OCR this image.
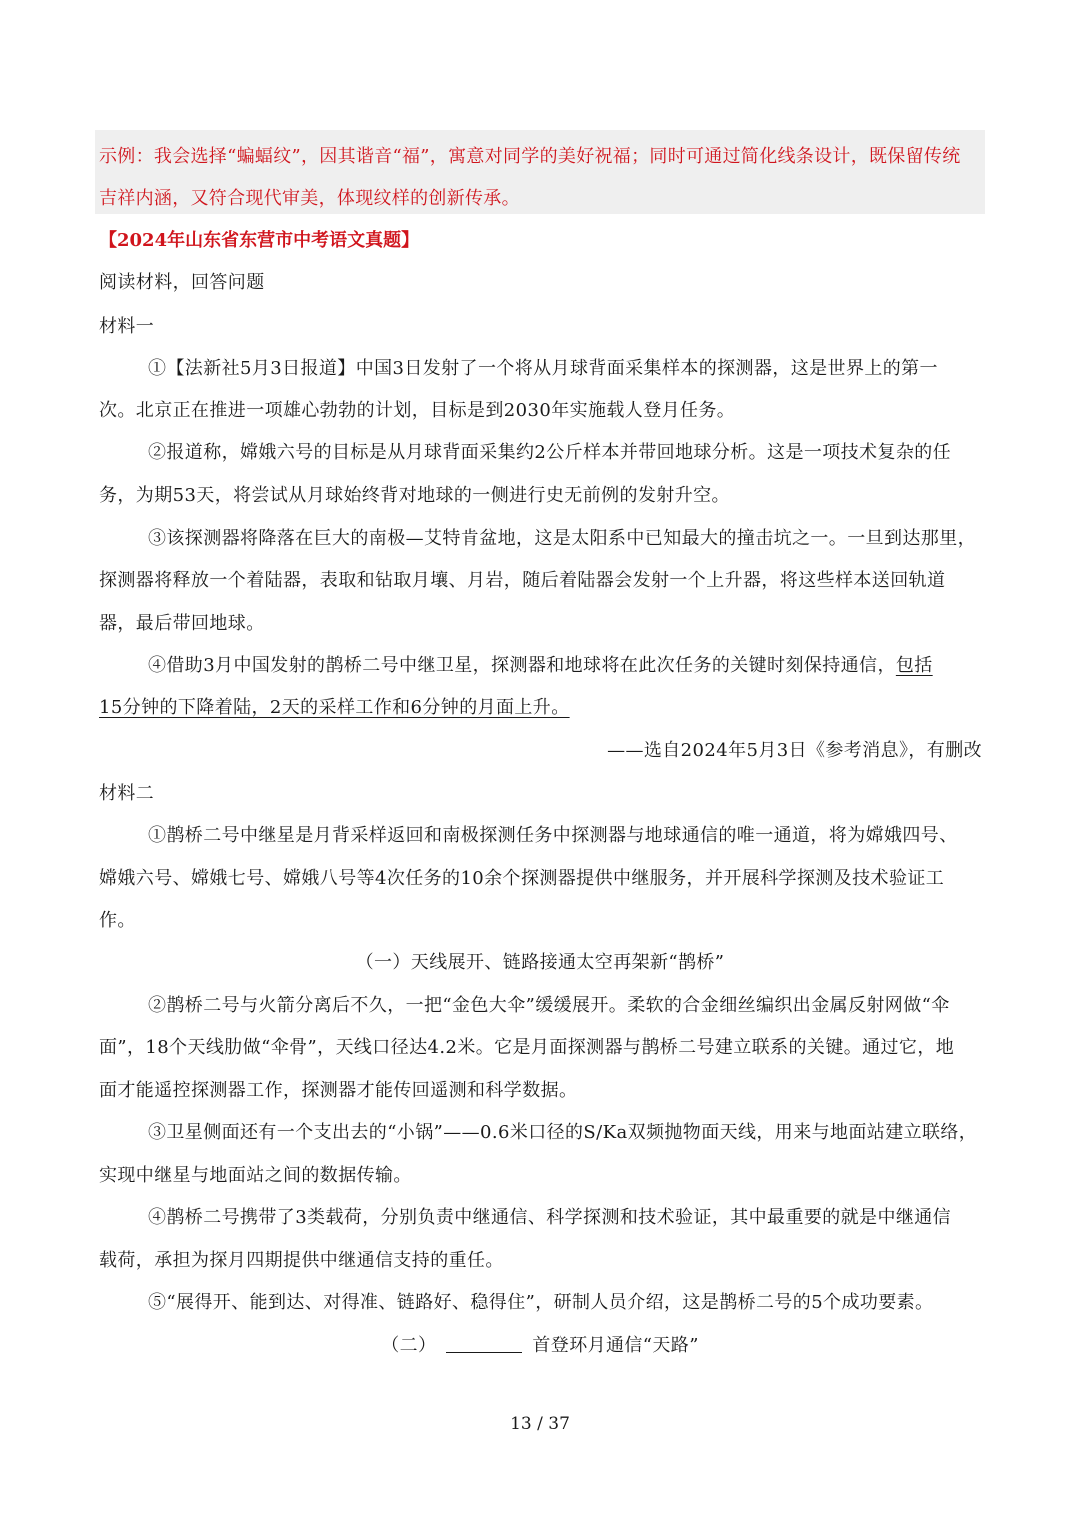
示例：我会选择“蝙蝠纹”，因其谐音“福”，寓意对同学的美好祝福；同时可通过简化线条设计，既保留传统
吉祥内涵，又符合现代审美，体现纹样的创新传承。
【2024年山东省东营市中考语文真题】
阅读材料，回答问题
材料一
①【法新社5月3日报道】中国3日发射了一个将从月球背面采集样本的探测器，这是世界上的第一
次。北京正在推进一项雄心勃勃的计划，目标是到2030年实施载人登月任务。
②报道称，嫦娥六号的目标是从月球背面采集约2公斤样本并带回地球分析。这是一项技术复杂的任
务，为期53天，将尝试从月球始终背对地球的一侧进行史无前例的发射升空。
③该探测器将降落在巨大的南极—艾特肯盆地，这是太阳系中已知最大的撞击坑之一。一旦到达那里，
探测器将释放一个着陆器，表取和钻取月壤、月岩，随后着陆器会发射一个上升器，将这些样本送回轨道
器，最后带回地球。
④借助3月中国发射的鹊桥二号中继卫星，探测器和地球将在此次任务的关键时刻保持通信，包括
15分钟的下降着陆，2天的采样工作和6分钟的月面上升。
——选自2024年5月3日《参考消息》，有删改
材料二
①鹊桥二号中继星是月背采样返回和南极探测任务中探测器与地球通信的唯一通道，将为嫦娥四号、
嫦娥六号、嫦娥七号、嫦娥八号等4次任务的10余个探测器提供中继服务，并开展科学探测及技术验证工
作。
（一）天线展开、链路接通太空再架新“鹊桥”
②鹊桥二号与火箭分离后不久，一把“金色大伞”缓缓展开。柔软的合金细丝编织出金属反射网做“伞
面”，18个天线肋做“伞骨”，天线口径达4.2米。它是月面探测器与鹊桥二号建立联系的关键。通过它，地
面才能遥控探测器工作，探测器才能传回遥测和科学数据。
③卫星侧面还有一个支出去的“小锅”——0.6米口径的S/Ka双频抛物面天线，用来与地面站建立联络，
实现中继星与地面站之间的数据传输。
④鹊桥二号携带了3类载荷，分别负责中继通信、科学探测和技术验证，其中最重要的就是中继通信
载荷，承担为探月四期提供中继通信支持的重任。
⑤“展得开、能到达、对得准、链路好、稳得住”，研制人员介绍，这是鹊桥二号的5个成功要素。
（二）	首登环月通信“天路”
13 / 37
